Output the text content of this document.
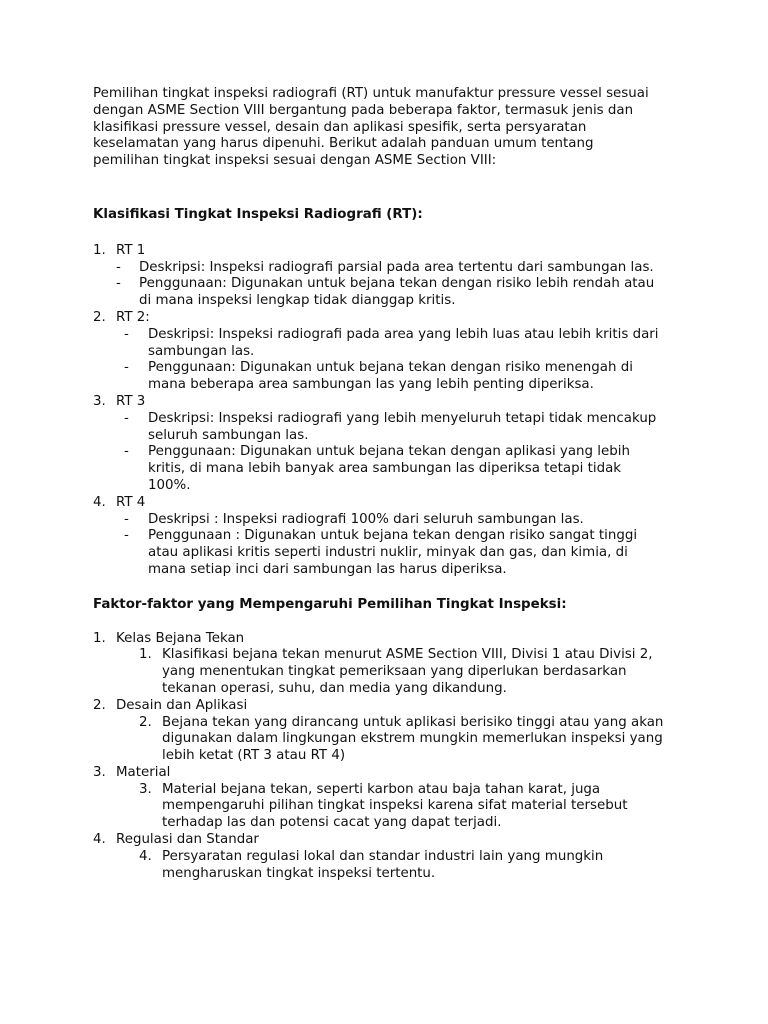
Pemilihan tingkat inspeksi radiografi (RT) untuk manufaktur pressure vessel sesuai dengan ASME Section VIII bergantung pada beberapa faktor, termasuk jenis dan klasifikasi pressure vessel, desain dan aplikasi spesifik, serta persyaratan keselamatan yang harus dipenuhi. Berikut adalah panduan umum tentang pemilihan tingkat inspeksi sesuai dengan ASME Section VIII:

Klasifikasi Tingkat Inspeksi Radiografi (RT):
1. RT 1
-	Deskripsi: Inspeksi radiografi parsial pada area tertentu dari sambungan las.
-	Penggunaan: Digunakan untuk bejana tekan dengan risiko lebih rendah atau di mana inspeksi lengkap tidak dianggap kritis.
2. RT 2:
-	Deskripsi: Inspeksi radiografi pada area yang lebih luas atau lebih kritis dari sambungan las.
-	Penggunaan: Digunakan untuk bejana tekan dengan risiko menengah di mana beberapa area sambungan las yang lebih penting diperiksa.
3. RT 3
-	Deskripsi: Inspeksi radiografi yang lebih menyeluruh tetapi tidak mencakup seluruh sambungan las.
-	Penggunaan: Digunakan untuk bejana tekan dengan aplikasi yang lebih kritis, di mana lebih banyak area sambungan las diperiksa tetapi tidak 100%.
4. RT 4
-	Deskripsi : Inspeksi radiografi 100% dari seluruh sambungan las.
-	Penggunaan : Digunakan untuk bejana tekan dengan risiko sangat tinggi atau aplikasi kritis seperti industri nuklir, minyak dan gas, dan kimia, di mana setiap inci dari sambungan las harus diperiksa.
Faktor-faktor yang Mempengaruhi Pemilihan Tingkat Inspeksi:
1. Kelas Bejana Tekan
1. Klasifikasi bejana tekan menurut ASME Section VIII, Divisi 1 atau Divisi 2, yang menentukan tingkat pemeriksaan yang diperlukan berdasarkan tekanan operasi, suhu, dan media yang dikandung.
2. Desain dan Aplikasi
2. Bejana tekan yang dirancang untuk aplikasi berisiko tinggi atau yang akan digunakan dalam lingkungan ekstrem mungkin memerlukan inspeksi yang lebih ketat (RT 3 atau RT 4)
3. Material
3. Material bejana tekan, seperti karbon atau baja tahan karat, juga mempengaruhi pilihan tingkat inspeksi karena sifat material tersebut terhadap las dan potensi cacat yang dapat terjadi.
4. Regulasi dan Standar
4. Persyaratan regulasi lokal dan standar industri lain yang mungkin mengharuskan tingkat inspeksi tertentu.
